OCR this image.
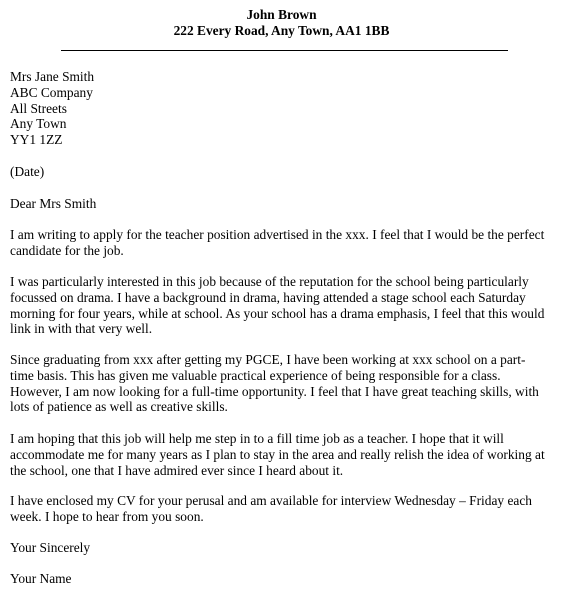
John Brown
222 Every Road, Any Town, AA1 1BB
Mrs Jane Smith
ABC Company
All Streets
Any Town
YY1 1ZZ
(Date)
Dear Mrs Smith

I am writing to apply for the teacher position advertised in the xxx. I feel that I would be the perfect

candidate for the job.

I was particularly interested in this job because of the reputation for the school being particularly

focussed on drama. I have a background in drama, having attended a stage school each Saturday

morning for four years, while at school. As your school has a drama emphasis, I feel that this would

link in with that very well.

Since graduating from xxx after getting my PGCE, I have been working at xxx school on a part-

time basis. This has given me valuable practical experience of being responsible for a class.

However, I am now looking for a full-time opportunity. I feel that I have great teaching skills, with

lots of patience as well as creative skills.

I am hoping that this job will help me step in to a fill time job as a teacher. I hope that it will

accommodate me for many years as I plan to stay in the area and really relish the idea of working at

the school, one that I have admired ever since I heard about it.

I have enclosed my CV for your perusal and am available for interview Wednesday – Friday each

week. I hope to hear from you soon.

Your Sincerely
Your Name
